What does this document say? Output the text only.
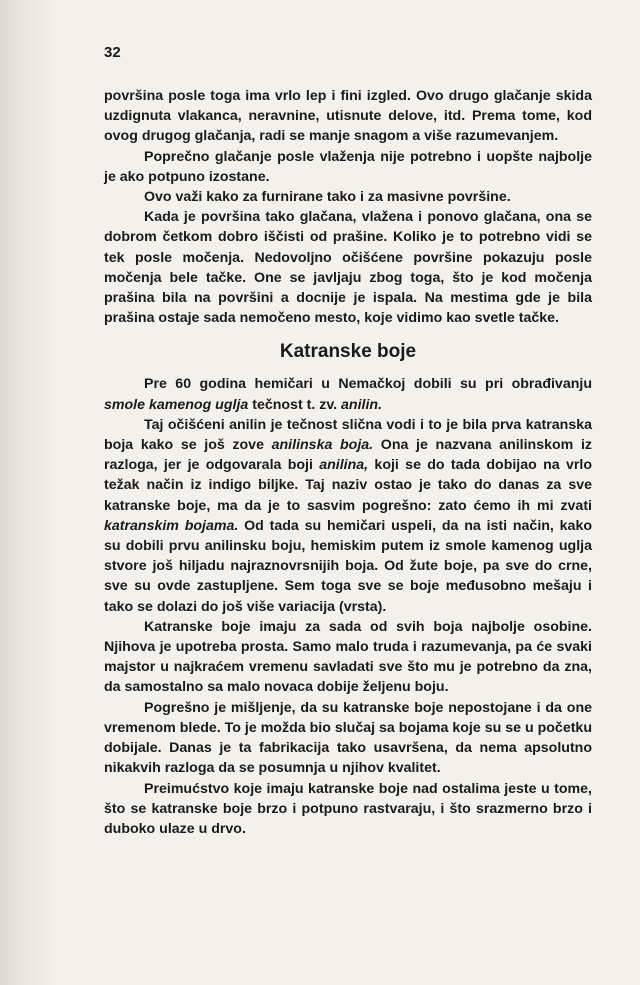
32

površina posle toga ima vrlo lep i fini izgled. Ovo drugo glačanje skida uzdignuta vlakanca, neravnine, utisnute delove, itd. Prema tome, kod ovog drugog glačanja, radi se manje snagom a više razumevanjem.

Poprečno glačanje posle vlaženja nije potrebno i uopšte najbolje je ako potpuno izostane.

Ovo važi kako za furnirane tako i za masivne površine.

Kada je površina tako glačana, vlažena i ponovo glačana, ona se dobrom četkom dobro iščisti od prašine. Koliko je to potrebno vidi se tek posle močenja. Nedovoljno očišćene površine pokazuju posle močenja bele tačke. One se javljaju zbog toga, što je kod močenja prašina bila na površini a docnije je ispala. Na mestima gde je bila prašina ostaje sada nemočeno mesto, koje vidimo kao svetle tačke.

Katranske boje

Pre 60 godina hemičari u Nemačkoj dobili su pri obrađivanju smole kamenog uglja tečnost t. zv. anilin.

Taj očišćeni anilin je tečnost slična vodi i to je bila prva katranska boja kako se još zove anilinska boja. Ona je nazvana anilinskom iz razloga, jer je odgovarala boji anilina, koji se do tada dobijao na vrlo težak način iz indigo biljke. Taj naziv ostao je tako do danas za sve katranske boje, ma da je to sasvim pogrešno: zato ćemo ih mi zvati katranskim bojama. Od tada su hemičari uspeli, da na isti način, kako su dobili prvu anilinsku boju, hemiskim putem iz smole kamenog uglja stvore još hiljadu najraznovrsnijih boja. Od žute boje, pa sve do crne, sve su ovde zastupljene. Sem toga sve se boje međusobno mešaju i tako se dolazi do još više variacija (vrsta).

Katranske boje imaju za sada od svih boja najbolje osobine. Njihova je upotreba prosta. Samo malo truda i razumevanja, pa će svaki majstor u najkraćem vremenu savladati sve što mu je potrebno da zna, da samostalno sa malo novaca dobije željenu boju.

Pogrešno je mišljenje, da su katranske boje nepostojane i da one vremenom blede. To je možda bio slučaj sa bojama koje su se u početku dobijale. Danas je ta fabrikacija tako usavršena, da nema apsolutno nikakvih razloga da se posumnja u njihov kvalitet.

Preimućstvo koje imaju katranske boje nad ostalima jeste u tome, što se katranske boje brzo i potpuno rastvaraju, i što srazmerno brzo i duboko ulaze u drvo.
